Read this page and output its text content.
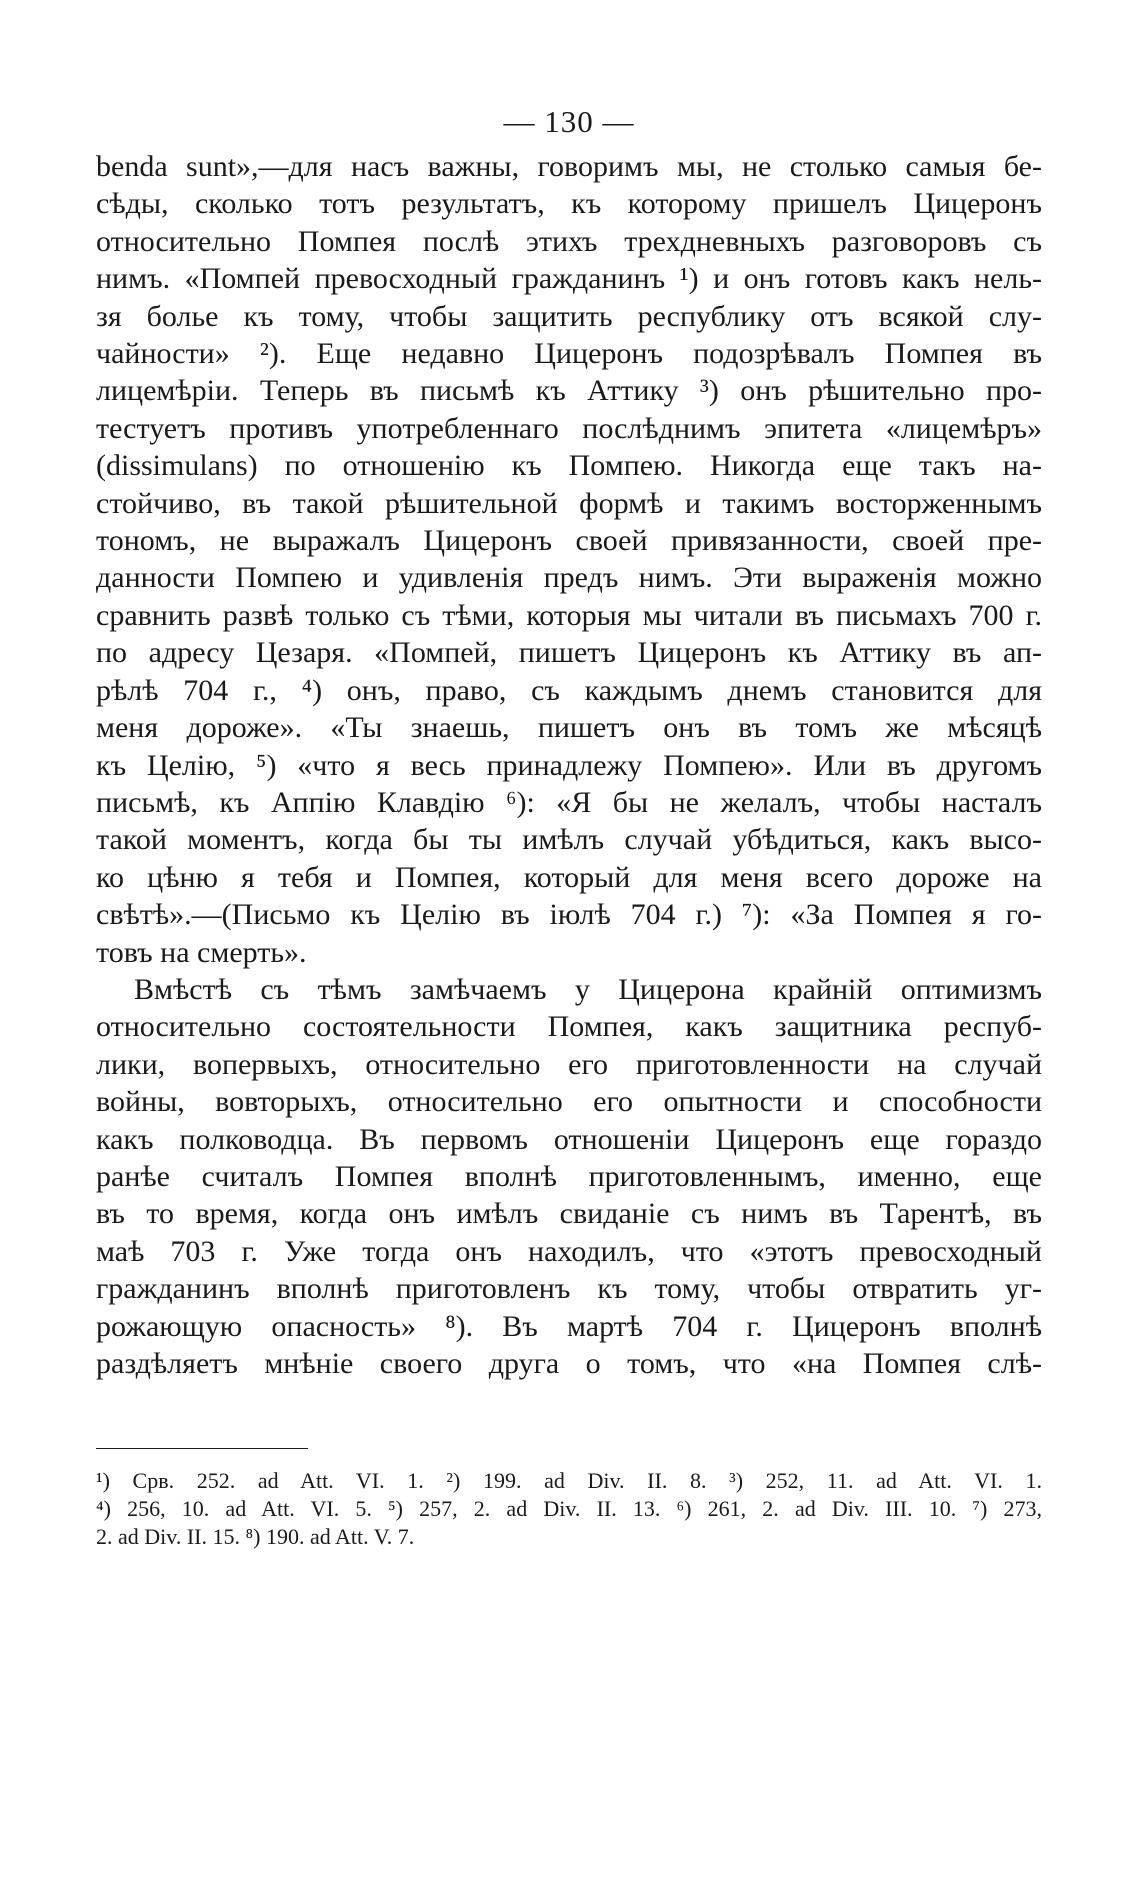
— 130 —
benda sunt»,—для насъ важны, говоримъ мы, не столько самыя бе-
сѣды, сколько тотъ результатъ, къ которому пришелъ Цицеронъ
относительно Помпея послѣ этихъ трехдневныхъ разговоровъ съ
нимъ. «Помпей превосходный гражданинъ ¹) и онъ готовъ какъ нель-
зя болье къ тому, чтобы защитить республику отъ всякой слу-
чайности» ²). Еще недавно Цицеронъ подозрѣвалъ Помпея въ
лицемѣріи. Теперь въ письмѣ къ Аттику ³) онъ рѣшительно про-
тестуетъ противъ употребленнаго послѣднимъ эпитета «лицемѣръ»
(dissimulans) по отношенію къ Помпею. Никогда еще такъ на-
стойчиво, въ такой рѣшительной формѣ и такимъ восторженнымъ
тономъ, не выражалъ Цицеронъ своей привязанности, своей пре-
данности Помпею и удивленія предъ нимъ. Эти выраженія можно
сравнить развѣ только съ тѣми, которыя мы читали въ письмахъ 700 г.
по адресу Цезаря. «Помпей, пишетъ Цицеронъ къ Аттику въ ап-
рѣлѣ 704 г., ⁴) онъ, право, съ каждымъ днемъ становится для
меня дороже». «Ты знаешь, пишетъ онъ въ томъ же мѣсяцѣ
къ Целію, ⁵) «что я весь принадлежу Помпею». Или въ другомъ
письмѣ, къ Аппію Клавдію ⁶): «Я бы не желалъ, чтобы насталъ
такой моментъ, когда бы ты имѣлъ случай убѣдиться, какъ высо-
ко цѣню я тебя и Помпея, который для меня всего дороже на
свѣтѣ».—(Письмо къ Целію въ іюлѣ 704 г.) ⁷): «За Помпея я го-
товъ на смерть».
Вмѣстѣ съ тѣмъ замѣчаемъ у Цицерона крайній оптимизмъ
относительно состоятельности Помпея, какъ защитника респуб-
лики, вопервыхъ, относительно его приготовленности на случай
войны, вовторыхъ, относительно его опытности и способности
какъ полководца. Въ первомъ отношеніи Цицеронъ еще гораздо
ранѣе считалъ Помпея вполнѣ приготовленнымъ, именно, еще
въ то время, когда онъ имѣлъ свиданіе съ нимъ въ Тарентѣ, въ
маѣ 703 г. Уже тогда онъ находилъ, что «этотъ превосходный
гражданинъ вполнѣ приготовленъ къ тому, чтобы отвратить уг-
рожающую опасность» ⁸). Въ мартѣ 704 г. Цицеронъ вполнѣ
раздѣляетъ мнѣніе своего друга о томъ, что «на Помпея слѣ-
¹) Срв. 252. ad Att. VI. 1. ²) 199. ad Div. II. 8. ³) 252, 11. ad Att. VI. 1.
⁴) 256, 10. ad Att. VI. 5. ⁵) 257, 2. ad Div. II. 13. ⁶) 261, 2. ad Div. III. 10. ⁷) 273,
2. ad Div. II. 15. ⁸) 190. ad Att. V. 7.
